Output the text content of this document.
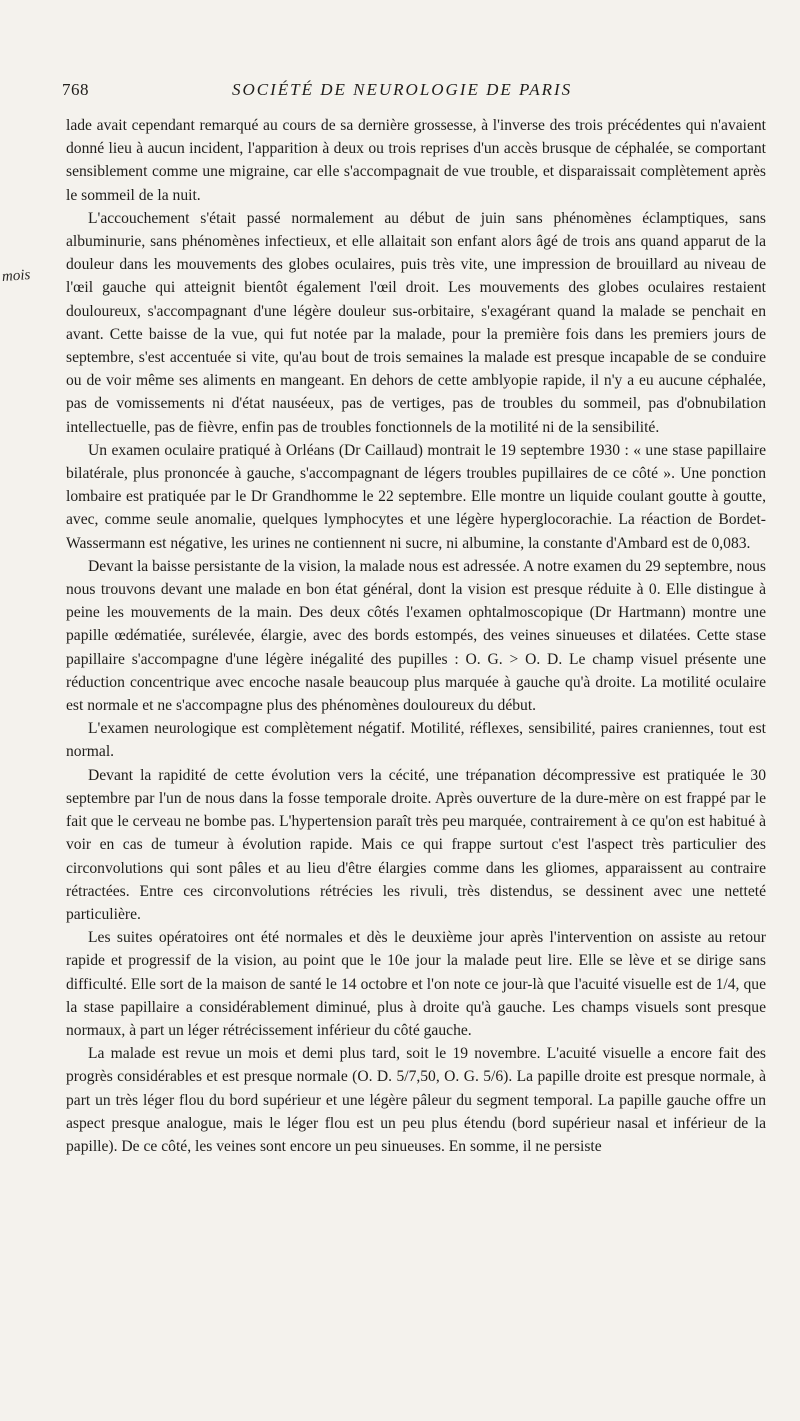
768	SOCIÉTÉ DE NEUROLOGIE DE PARIS
mois

lade avait cependant remarqué au cours de sa dernière grossesse, à l'inverse des trois précédentes qui n'avaient donné lieu à aucun incident, l'apparition à deux ou trois reprises d'un accès brusque de céphalée, se comportant sensiblement comme une migraine, car elle s'accompagnait de vue trouble, et disparaissait complètement après le sommeil de la nuit.

L'accouchement s'était passé normalement au début de juin sans phénomènes éclamptiques, sans albuminurie, sans phénomènes infectieux, et elle allaitait son enfant alors âgé de trois ans quand apparut de la douleur dans les mouvements des globes oculaires, puis très vite, une impression de brouillard au niveau de l'œil gauche qui atteignit bientôt également l'œil droit. Les mouvements des globes oculaires restaient douloureux, s'accompagnant d'une légère douleur sus-orbitaire, s'exagérant quand la malade se penchait en avant. Cette baisse de la vue, qui fut notée par la malade, pour la première fois dans les premiers jours de septembre, s'est accentuée si vite, qu'au bout de trois semaines la malade est presque incapable de se conduire ou de voir même ses aliments en mangeant. En dehors de cette amblyopie rapide, il n'y a eu aucune céphalée, pas de vomissements ni d'état nauséeux, pas de vertiges, pas de troubles du sommeil, pas d'obnubilation intellectuelle, pas de fièvre, enfin pas de troubles fonctionnels de la motilité ni de la sensibilité.

Un examen oculaire pratiqué à Orléans (Dr Caillaud) montrait le 19 septembre 1930 : « une stase papillaire bilatérale, plus prononcée à gauche, s'accompagnant de légers troubles pupillaires de ce côté ». Une ponction lombaire est pratiquée par le Dr Grandhomme le 22 septembre. Elle montre un liquide coulant goutte à goutte, avec, comme seule anomalie, quelques lymphocytes et une légère hyperglocorachie. La réaction de Bordet-Wassermann est négative, les urines ne contiennent ni sucre, ni albumine, la constante d'Ambard est de 0,083.

Devant la baisse persistante de la vision, la malade nous est adressée. A notre examen du 29 septembre, nous nous trouvons devant une malade en bon état général, dont la vision est presque réduite à 0. Elle distingue à peine les mouvements de la main. Des deux côtés l'examen ophtalmoscopique (Dr Hartmann) montre une papille œdématiée, surélevée, élargie, avec des bords estompés, des veines sinueuses et dilatées. Cette stase papillaire s'accompagne d'une légère inégalité des pupilles : O. G. > O. D. Le champ visuel présente une réduction concentrique avec encoche nasale beaucoup plus marquée à gauche qu'à droite. La motilité oculaire est normale et ne s'accompagne plus des phénomènes douloureux du début.

L'examen neurologique est complètement négatif. Motilité, réflexes, sensibilité, paires craniennes, tout est normal.

Devant la rapidité de cette évolution vers la cécité, une trépanation décompressive est pratiquée le 30 septembre par l'un de nous dans la fosse temporale droite. Après ouverture de la dure-mère on est frappé par le fait que le cerveau ne bombe pas. L'hypertension paraît très peu marquée, contrairement à ce qu'on est habitué à voir en cas de tumeur à évolution rapide. Mais ce qui frappe surtout c'est l'aspect très particulier des circonvolutions qui sont pâles et au lieu d'être élargies comme dans les gliomes, apparaissent au contraire rétractées. Entre ces circonvolutions rétrécies les rivuli, très distendus, se dessinent avec une netteté particulière.

Les suites opératoires ont été normales et dès le deuxième jour après l'intervention on assiste au retour rapide et progressif de la vision, au point que le 10e jour la malade peut lire. Elle se lève et se dirige sans difficulté. Elle sort de la maison de santé le 14 octobre et l'on note ce jour-là que l'acuité visuelle est de 1/4, que la stase papillaire a considérablement diminué, plus à droite qu'à gauche. Les champs visuels sont presque normaux, à part un léger rétrécissement inférieur du côté gauche.

La malade est revue un mois et demi plus tard, soit le 19 novembre. L'acuité visuelle a encore fait des progrès considérables et est presque normale (O. D. 5/7,50, O. G. 5/6). La papille droite est presque normale, à part un très léger flou du bord supérieur et une légère pâleur du segment temporal. La papille gauche offre un aspect presque analogue, mais le léger flou est un peu plus étendu (bord supérieur nasal et inférieur de la papille). De ce côté, les veines sont encore un peu sinueuses. En somme, il ne persiste
